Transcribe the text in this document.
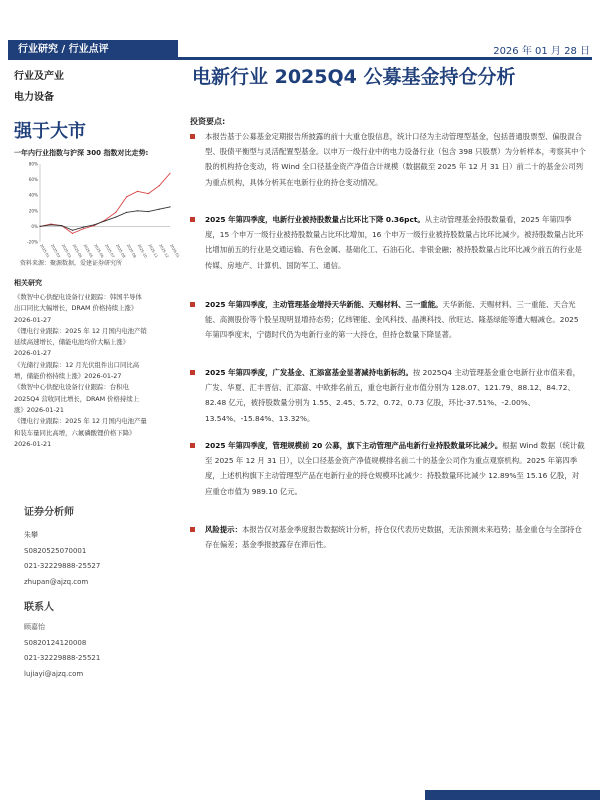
行业研究 / 行业点评	2026 年 01 月 28 日
行业及产业
电力设备
电新行业 2025Q4 公募基金持仓分析
强于大市
一年内行业指数与沪深 300 指数对比走势:
-20%
0%
20%
40%
60%
80%
2025-01 2025-02 2025-03 2025-04 2025-05 2025-06 2025-07 2025-08 2025-09 2025-10 2025-11 2025-12 2026-01
资料来源：聚源数据，爱建证券研究所
相关研究
《数智中心供配电设备行业跟踪：韩国半导体
出口同比大幅增长，DRAM 价格持续上涨》
2026-01-27
《锂电行业跟踪：2025 年 12 月国内电池产销
延续高速增长，储能电池均价大幅上涨》
2026-01-27
《光储行业跟踪：12 月光伏组件出口同比高
增，储能价格持续上涨》2026-01-27
《数智中心供配电设备行业跟踪：台积电
2025Q4 营收同比增长，DRAM 价格持续上
涨》2026-01-21
《锂电行业跟踪：2025 年 12 月国内电池产量
和装车量同比高增，六氟磷酸锂价格下降》
2026-01-21
证券分析师
朱攀
S0820525070001
021-32229888-25527
zhupan@ajzq.com
联系人
顾嘉怡
S0820124120008
021-32229888-25521
lujiayi@ajzq.com
投资要点:
本报告基于公募基金定期报告所披露的前十大重仓股信息，统计口径为主动管理型基金，包括普通股票型、偏股混合型、股债平衡型与灵活配置型基金。以申万一级行业中的电力设备行业（包含 398 只股票）为分析样本，考察其中个股的机构持仓变动，将 Wind 全口径基金资产净值合计规模（数据截至 2025 年 12 月 31 日）前二十的基金公司列为重点机构，具体分析其在电新行业的持仓变动情况。
2025 年第四季度，电新行业被持股数量占比环比下降 0.36pct。从主动管理基金持股数量看，2025 年第四季度，15 个申万一级行业被持股数量占比环比增加，16 个申万一级行业被持股数量占比环比减少。被持股数量占比环比增加前五的行业是交通运输、有色金属、基础化工、石油石化、非银金融；被持股数量占比环比减少前五的行业是传媒、房地产、计算机、国防军工、通信。
2025 年第四季度，主动管理基金增持天华新能、天赐材料、三一重能。天华新能、天赐材料、三一重能、天合光能、高测股份等个股呈现明显增持态势；亿纬锂能、金风科技、晶澳科技、欣旺达、隆基绿能等遭大幅减仓。2025 年第四季度末，宁德时代仍为电新行业的第一大持仓，但持仓数量下降显著。
2025 年第四季度，广发基金、汇添富基金显著减持电新标的。按 2025Q4 主动管理基金重仓电新行业市值来看，广发、华夏、汇丰晋信、汇添富、中欧排名前五，重仓电新行业市值分别为 128.07、121.79、88.12、84.72、82.48 亿元，被持股数量分别为 1.55、2.45、5.72、0.72、0.73 亿股，环比-37.51%、-2.00%、13.54%、-15.84%、13.32%。
2025 年第四季度，管理规模前 20 公募，旗下主动管理产品电新行业持股数量环比减少。根据 Wind 数据（统计截至 2025 年 12 月 31 日），以全口径基金资产净值规模排名前二十的基金公司作为重点观察机构。2025 年第四季度，上述机构旗下主动管理型产品在电新行业的持仓规模环比减少：持股数量环比减少 12.89%至 15.16 亿股，对应重仓市值为 989.10 亿元。
风险提示：本报告仅对基金季度报告数据统计分析，持仓仅代表历史数据，无法预测未来趋势；基金重仓与全部持仓存在偏差；基金季报披露存在滞后性。
